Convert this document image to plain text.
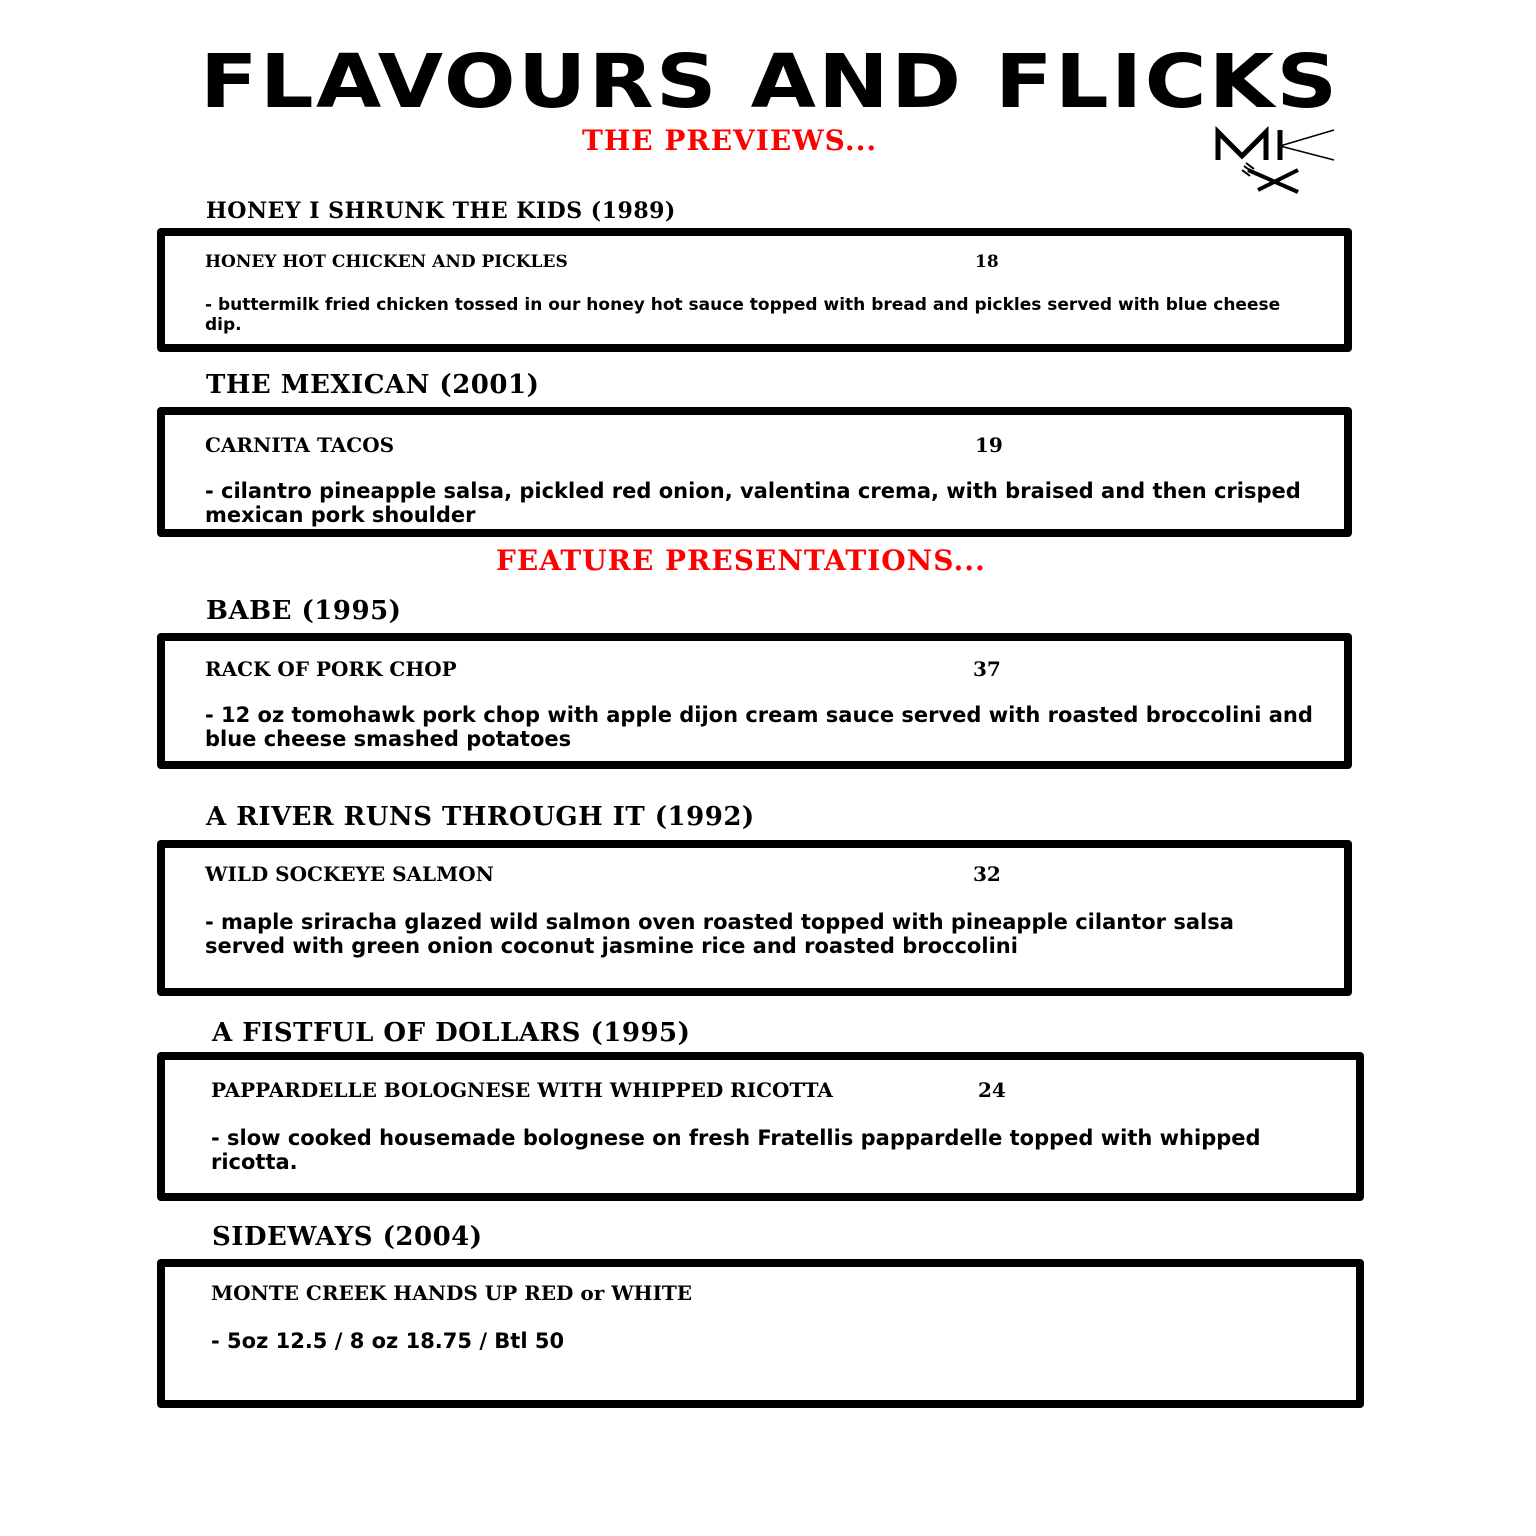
FLAVOURS AND FLICKS
THE PREVIEWS...
FEATURE PRESENTATIONS...
HONEY I SHRUNK THE KIDS (1989)
HONEY HOT CHICKEN AND PICKLES	18
- buttermilk fried chicken tossed in our honey hot sauce topped with bread and pickles served with blue cheese dip.
THE MEXICAN (2001)
CARNITA TACOS	19
- cilantro pineapple salsa, pickled red onion, valentina crema, with braised and then crisped mexican pork shoulder
BABE (1995)
RACK OF PORK CHOP	37
- 12 oz tomohawk pork chop with apple dijon cream sauce served with roasted broccolini and blue cheese smashed potatoes
A RIVER RUNS THROUGH IT (1992)
WILD SOCKEYE SALMON	32
- maple sriracha glazed wild salmon oven roasted topped with pineapple cilantor salsa served with green onion coconut jasmine rice and roasted broccolini
A FISTFUL OF DOLLARS (1995)
PAPPARDELLE BOLOGNESE WITH WHIPPED RICOTTA	24
- slow cooked housemade bolognese on fresh Fratellis pappardelle topped with whipped ricotta.
SIDEWAYS (2004)
MONTE CREEK HANDS UP RED or WHITE
- 5oz 12.5 / 8 oz 18.75 / Btl 50
